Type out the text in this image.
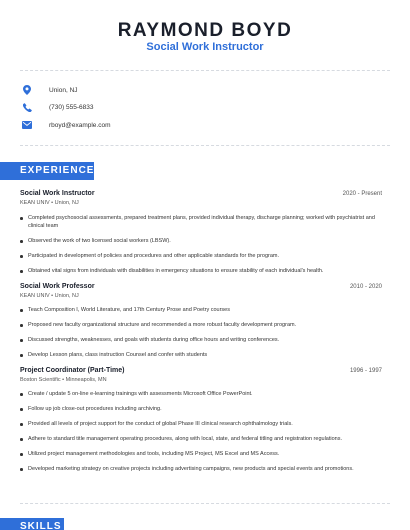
RAYMOND BOYD
Social Work Instructor
Union, NJ
(730) 555-6833
rboyd@example.com
EXPERIENCE
Social Work Instructor	2020 - Present
KEAN UNIV • Union, NJ
Completed psychosocial assessments, prepared treatment plans, provided individual therapy, discharge planning; worked with psychiatrist and clinical team
Observed the work of two licensed social workers (LBSW).
Participated in development of policies and procedures and other applicable standards for the program.
Obtained vital signs from individuals with disabilities in emergency situations to ensure stability of each individual's health.
Social Work Professor	2010 - 2020
KEAN UNIV • Union, NJ
Teach Composition I, World Literature, and 17th Century Prose and Poetry courses
Proposed new faculty organizational structure and recommended a more robust faculty development program.
Discussed strengths, weaknesses, and goals with students during office hours and writing conferences.
Develop Lesson plans, class instruction Counsel and confer with students
Project Coordinator (Part-Time)	1996 - 1997
Boston Scientific • Minneapolis, MN
Create / update 5 on-line e-learning trainings with assessments Microsoft Office PowerPoint.
Follow up job close-out procedures including archiving.
Provided all levels of project support for the conduct of global Phase III clinical research ophthalmology trials.
Adhere to standard title management operating procedures, along with local, state, and federal titling and registration regulations.
Utilized project management methodologies and tools, including MS Project, MS Excel and MS Access.
Developed marketing strategy on creative projects including advertising campaigns, new products and special events and promotions.
SKILLS
